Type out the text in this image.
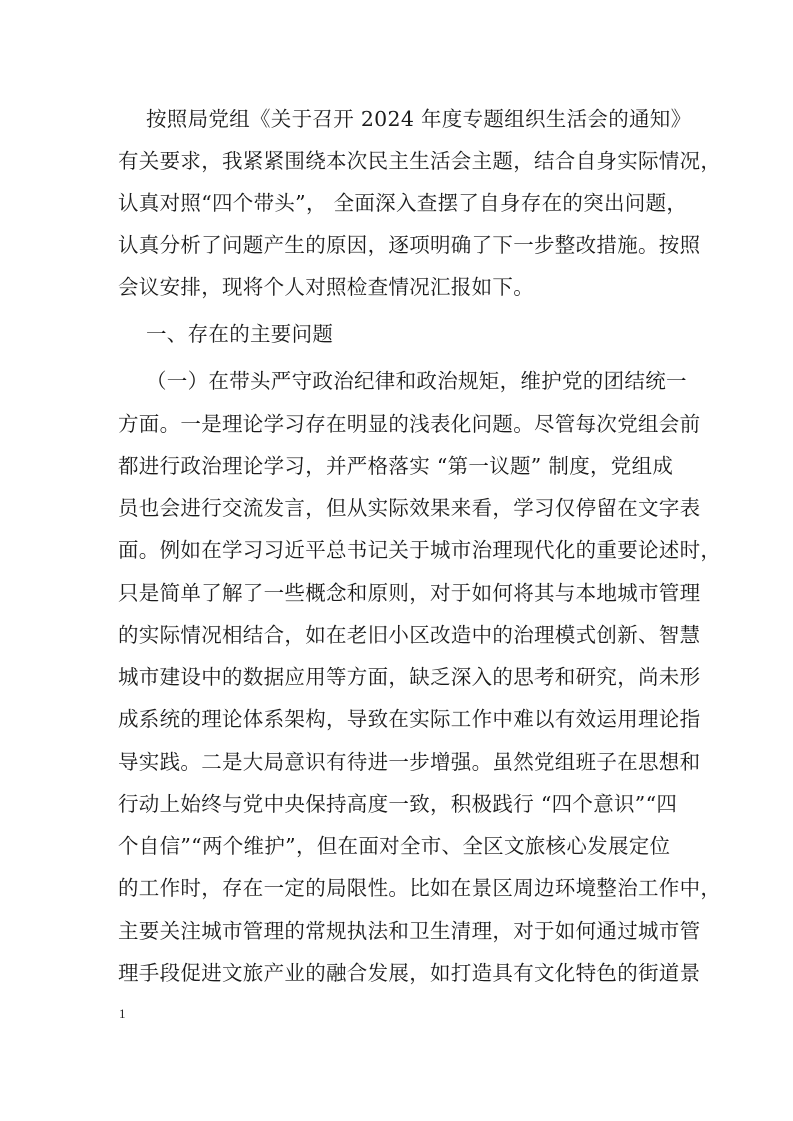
按照局党组《关于召开 2024 年度专题组织生活会的通知》
有关要求，我紧紧围绕本次民主生活会主题，结合自身实际情况，
认真对照“四个带头”， 全面深入查摆了自身存在的突出问题，
认真分析了问题产生的原因，逐项明确了下一步整改措施。按照
会议安排，现将个人对照检查情况汇报如下。
一、存在的主要问题
（一）在带头严守政治纪律和政治规矩，维护党的团结统一
方面。一是理论学习存在明显的浅表化问题。尽管每次党组会前
都进行政治理论学习，并严格落实 “第一议题” 制度，党组成
员也会进行交流发言，但从实际效果来看，学习仅停留在文字表
面。例如在学习习近平总书记关于城市治理现代化的重要论述时，
只是简单了解了一些概念和原则，对于如何将其与本地城市管理
的实际情况相结合，如在老旧小区改造中的治理模式创新、智慧
城市建设中的数据应用等方面，缺乏深入的思考和研究，尚未形
成系统的理论体系架构，导致在实际工作中难以有效运用理论指
导实践。二是大局意识有待进一步增强。虽然党组班子在思想和
行动上始终与党中央保持高度一致，积极践行 “四个意识”“四
个自信”“两个维护”，但在面对全市、全区文旅核心发展定位
的工作时，存在一定的局限性。比如在景区周边环境整治工作中，
主要关注城市管理的常规执法和卫生清理，对于如何通过城市管
理手段促进文旅产业的融合发展，如打造具有文化特色的街道景
1
